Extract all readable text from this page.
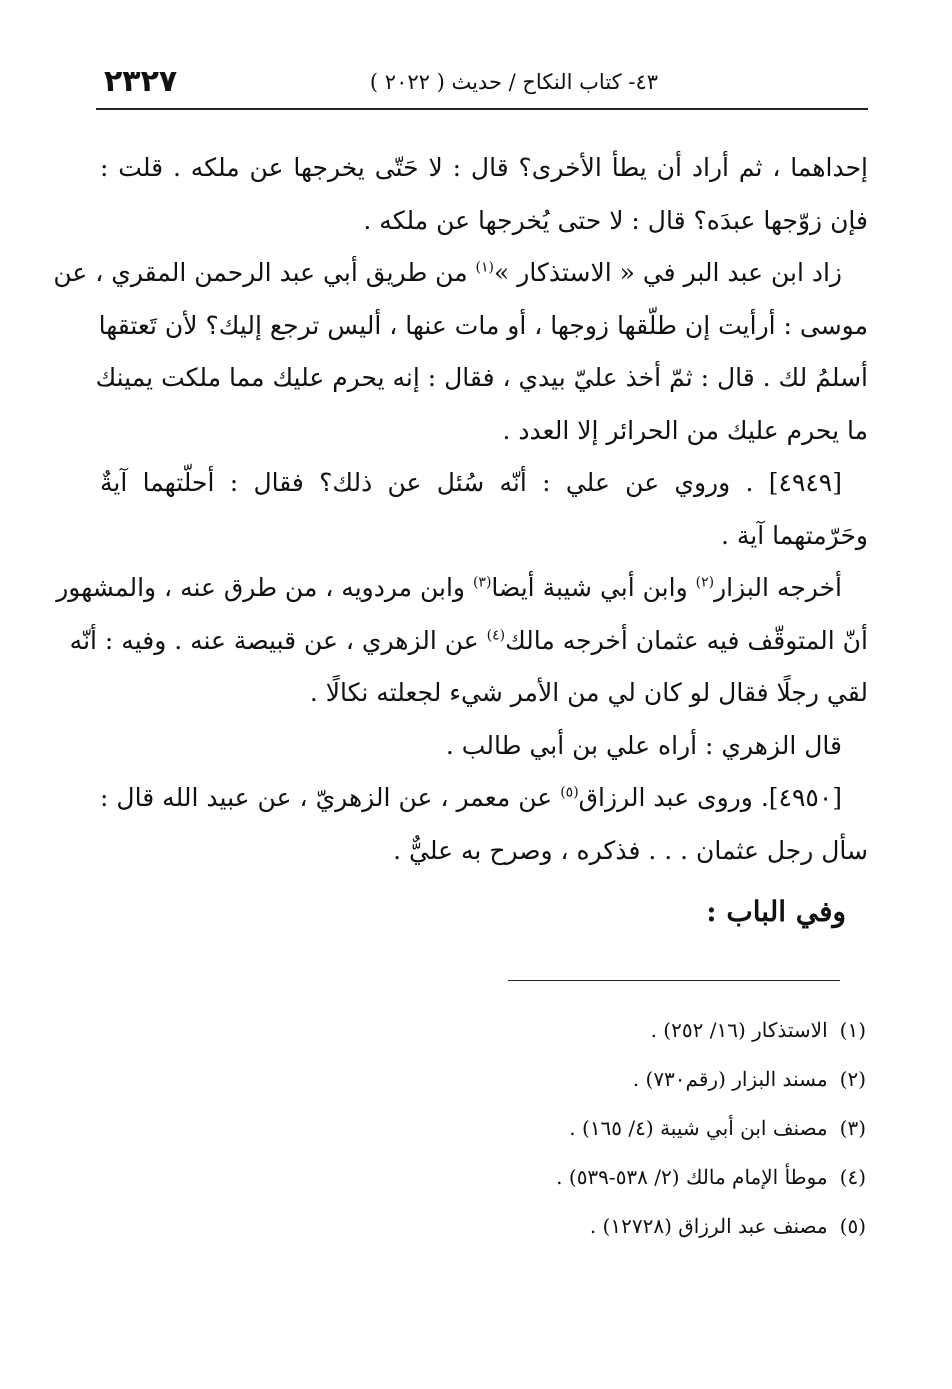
٢٣٢٧	٤٣- كتاب النكاح / حديث ( ٢٠٢٢ )
إحداهما ، ثم أراد أن يطأ الأخرى؟ قال : لا حَتّى يخرجها عن ملكه . قلت :
فإن زوّجها عبدَه؟ قال : لا حتى يُخرجها عن ملكه .
زاد ابن عبد البر في « الاستذكار »$^{(١)}$ من طريق أبي عبد الرحمن المقري ، عن
موسى : أرأيت إن طلّقها زوجها ، أو مات عنها ، أليس ترجع إليك؟ لأن تَعتقها
أسلمُ لك . قال : ثمّ أخذ عليّ بيدي ، فقال : إنه يحرم عليك مما ملكت يمينك
ما يحرم عليك من الحرائر إلا العدد .
[٤٩٤٩] . وروي عن علي : أنّه سُئل عن ذلك؟ فقال : أحلّتهما آيةٌ
وحَرّمتهما آية .
أخرجه البزار$^{(٢)}$ وابن أبي شيبة أيضا$^{(٣)}$ وابن مردويه ، من طرق عنه ، والمشهور
أنّ المتوقّف فيه عثمان أخرجه مالك$^{(٤)}$ عن الزهري ، عن قبيصة عنه . وفيه : أنّه
لقي رجلًا فقال لو كان لي من الأمر شيء لجعلته نكالًا .
قال الزهري : أراه علي بن أبي طالب .
[٤٩٥٠]. وروى عبد الرزاق$^{(٥)}$ عن معمر ، عن الزهريّ ، عن عبيد الله قال :
سأل رجل عثمان . . . فذكره ، وصرح به عليٌّ .
وفي الباب :
(١)الاستذكار (١٦/ ٢٥٢) .
(٢)مسند البزار (رقم٧٣٠) .
(٣)مصنف ابن أبي شيبة (٤/ ١٦٥) .
(٤)موطأ الإمام مالك (٢/ ٥٣٨-٥٣٩) .
(٥)مصنف عبد الرزاق (١٢٧٢٨) .
